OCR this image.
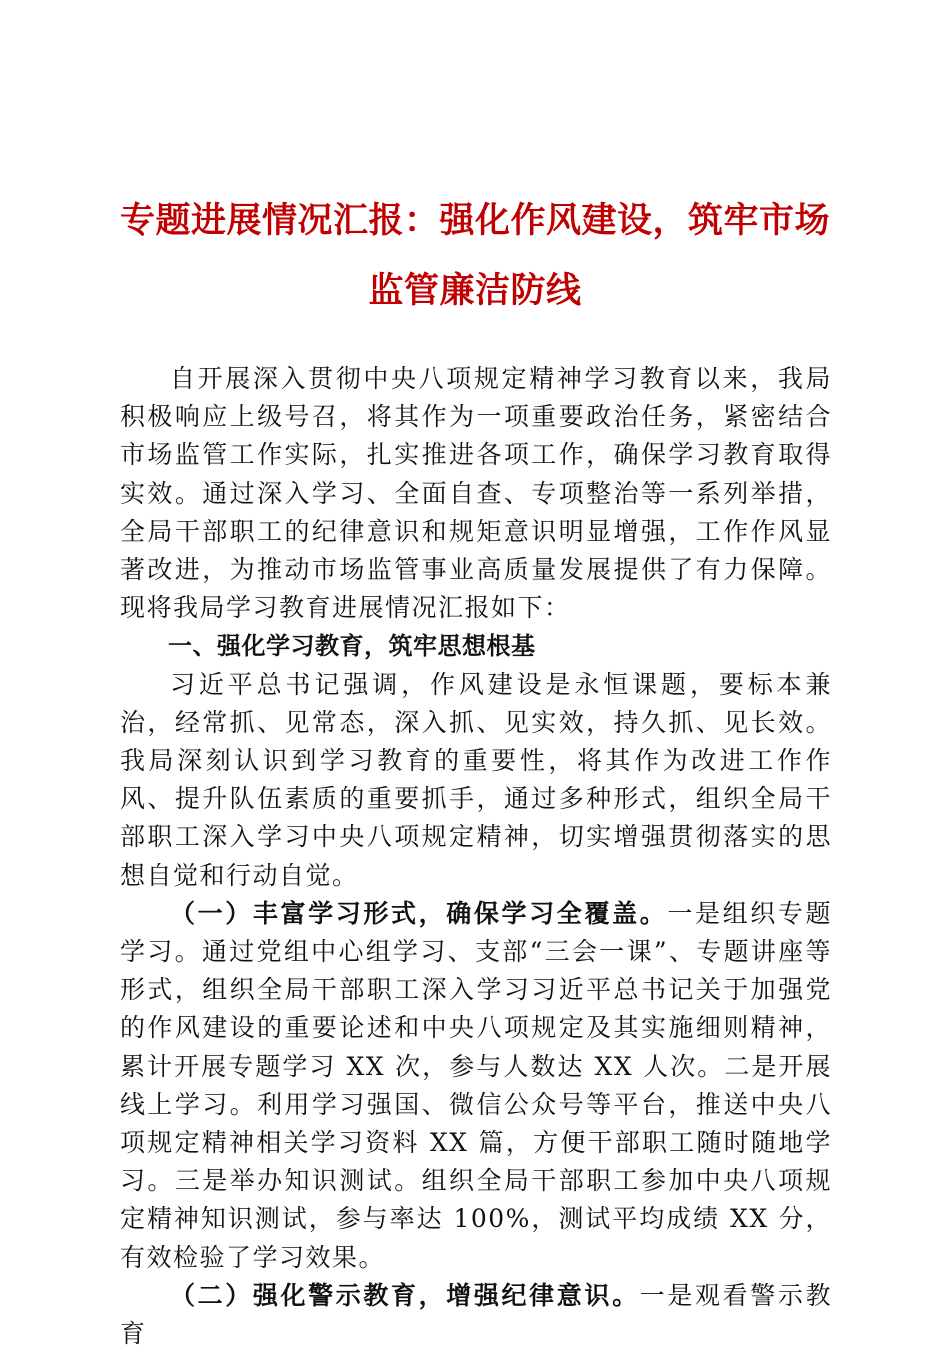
专题进展情况汇报：强化作风建设，筑牢市场
监管廉洁防线

自开展深入贯彻中央八项规定精神学习教育以来，我局积极响应上级号召，将其作为一项重要政治任务，紧密结合市场监管工作实际，扎实推进各项工作，确保学习教育取得实效。通过深入学习、全面自查、专项整治等一系列举措，全局干部职工的纪律意识和规矩意识明显增强，工作作风显著改进，为推动市场监管事业高质量发展提供了有力保障。现将我局学习教育进展情况汇报如下：

一、强化学习教育，筑牢思想根基

习近平总书记强调，作风建设是永恒课题，要标本兼治，经常抓、见常态，深入抓、见实效，持久抓、见长效。我局深刻认识到学习教育的重要性，将其作为改进工作作风、提升队伍素质的重要抓手，通过多种形式，组织全局干部职工深入学习中央八项规定精神，切实增强贯彻落实的思想自觉和行动自觉。

（一）丰富学习形式，确保学习全覆盖。一是组织专题学习。通过党组中心组学习、支部“三会一课”、专题讲座等形式，组织全局干部职工深入学习习近平总书记关于加强党的作风建设的重要论述和中央八项规定及其实施细则精神，累计开展专题学习 XX 次，参与人数达 XX 人次。二是开展线上学习。利用学习强国、微信公众号等平台，推送中央八项规定精神相关学习资料 XX 篇，方便干部职工随时随地学习。三是举办知识测试。组织全局干部职工参加中央八项规定精神知识测试，参与率达 100%，测试平均成绩 XX 分，有效检验了学习效果。

（二）强化警示教育，增强纪律意识。一是观看警示教育
